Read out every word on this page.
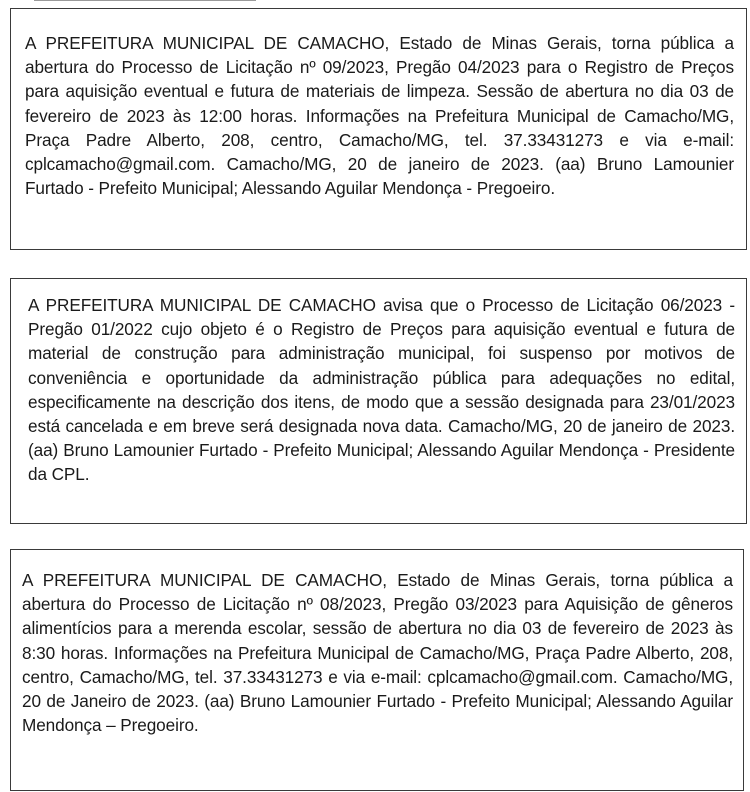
A PREFEITURA MUNICIPAL DE CAMACHO, Estado de Minas Gerais, torna pública a abertura do Processo de Licitação nº 09/2023, Pregão 04/2023 para o Registro de Preços para aquisição eventual e futura de materiais de limpeza. Sessão de abertura no dia 03 de fevereiro de 2023 às 12:00 horas. Informações na Prefeitura Municipal de Camacho/MG, Praça Padre Alberto, 208, centro, Camacho/MG, tel. 37.33431273 e via e-mail: cplcamacho@gmail.com. Camacho/MG, 20 de janeiro de 2023. (aa) Bruno Lamounier Furtado - Prefeito Municipal; Alessando Aguilar Mendonça - Pregoeiro.

A PREFEITURA MUNICIPAL DE CAMACHO avisa que o Processo de Licitação 06/2023 - Pregão 01/2022 cujo objeto é o Registro de Preços para aquisição eventual e futura de material de construção para administração municipal, foi suspenso por motivos de conveniência e oportunidade da administração pública para adequações no edital, especificamente na descrição dos itens, de modo que a sessão designada para 23/01/2023 está cancelada e em breve será designada nova data. Camacho/MG, 20 de janeiro de 2023. (aa) Bruno Lamounier Furtado - Prefeito Municipal; Alessando Aguilar Mendonça - Presidente da CPL.

A PREFEITURA MUNICIPAL DE CAMACHO, Estado de Minas Gerais, torna pública a abertura do Processo de Licitação nº 08/2023, Pregão 03/2023 para Aquisição de gêneros alimentícios para a merenda escolar, sessão de abertura no dia 03 de fevereiro de 2023 às 8:30 horas. Informações na Prefeitura Municipal de Camacho/MG, Praça Padre Alberto, 208, centro, Camacho/MG, tel. 37.33431273 e via e-mail: cplcamacho@gmail.com. Camacho/MG, 20 de Janeiro de 2023. (aa) Bruno Lamounier Furtado - Prefeito Municipal; Alessando Aguilar Mendonça – Pregoeiro.
